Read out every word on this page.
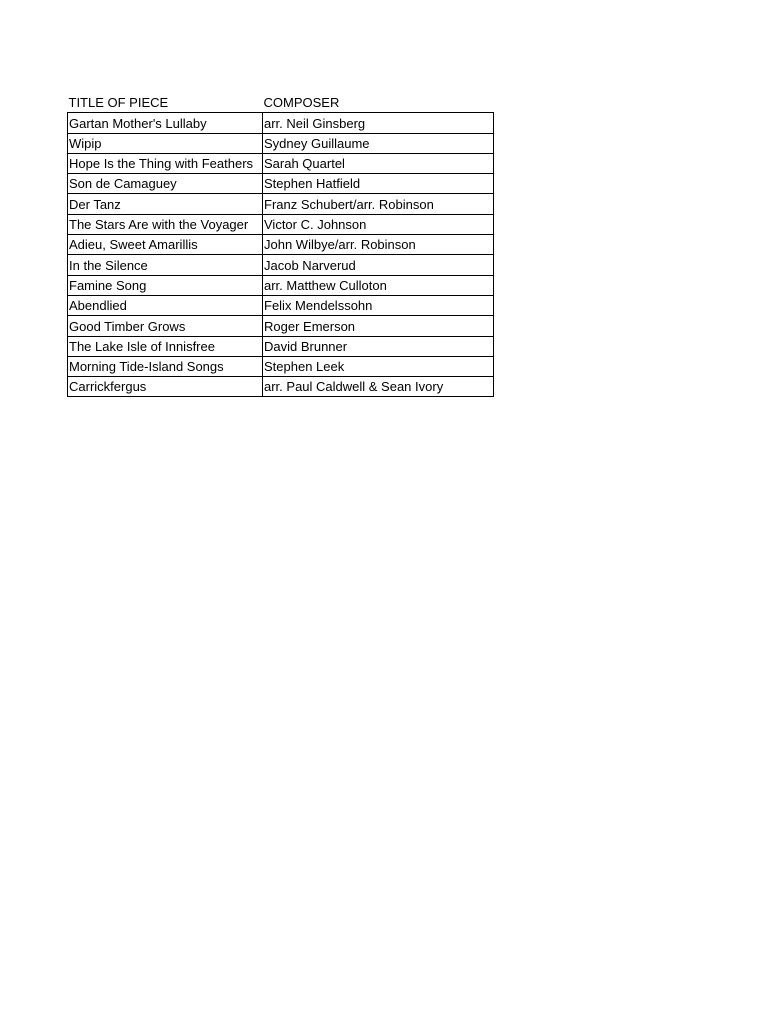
TITLE OF PIECE	COMPOSER
Gartan Mother's Lullaby	arr. Neil Ginsberg
Wipip	Sydney Guillaume
Hope Is the Thing with Feathers	Sarah Quartel
Son de Camaguey	Stephen Hatfield
Der Tanz	Franz Schubert/arr. Robinson
The Stars Are with the Voyager	Victor C. Johnson
Adieu, Sweet Amarillis	John Wilbye/arr. Robinson
In the Silence	Jacob Narverud
Famine Song	arr. Matthew Culloton
Abendlied	Felix Mendelssohn
Good Timber Grows	Roger Emerson
The Lake Isle of Innisfree	David Brunner
Morning Tide-Island Songs	Stephen Leek
Carrickfergus	arr. Paul Caldwell & Sean Ivory
